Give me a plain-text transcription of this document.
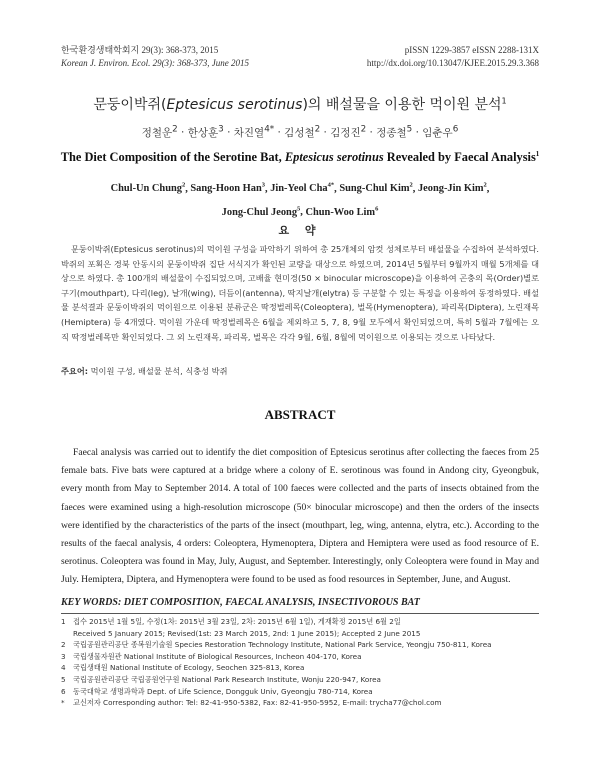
한국환경생태학회지 29(3): 368-373, 2015
Korean J. Environ. Ecol. 29(3): 368-373, June 2015
pISSN 1229-3857 eISSN 2288-131X
http://dx.doi.org/10.13047/KJEE.2015.29.3.368
문둥이박쥐(Eptesicus serotinus)의 배설물을 이용한 먹이원 분석$^1$
정철운$^2$ · 한상훈$^3$ · 차진열$^{4*}$ · 김성철$^2$ · 김정진$^2$ · 정종철$^5$ · 임춘우$^6$
The Diet Composition of the Serotine Bat, Eptesicus serotinus Revealed by Faecal Analysis$^1$
Chul-Un Chung$^2$, Sang-Hoon Han$^3$, Jin-Yeol Cha$^{4*}$, Sung-Chul Kim$^2$, Jeong-Jin Kim$^2$,
Jong-Chul Jeong$^5$, Chun-Woo Lim$^6$
요 약
문둥이박쥐(Eptesicus serotinus)의 먹이원 구성을 파악하기 위하여 총 25개체의 암컷 성체로부터 배설물을 수집하여 분석하였다. 박쥐의 포획은 경북 안동시의 문둥이박쥐 집단 서식지가 확인된 교량을 대상으로 하였으며, 2014년 5월부터 9월까지 매월 5개체를 대상으로 하였다. 총 100개의 배설물이 수집되었으며, 고배율 현미경(50 × binocular microscope)을 이용하여 곤충의 목(Order)별로 구기(mouthpart), 다리(leg), 날개(wing), 더듬이(antenna), 딱지날개(elytra) 등 구분할 수 있는 특징을 이용하여 동정하였다. 배설물 분석결과 문둥이박쥐의 먹이원으로 이용된 분류군은 딱정벌레목(Coleoptera), 벌목(Hymenoptera), 파리목(Diptera), 노린재목(Hemiptera) 등 4개였다. 먹이원 가운데 딱정벌레목은 6월을 제외하고 5, 7, 8, 9월 모두에서 확인되었으며, 특히 5월과 7월에는 오직 딱정벌레목만 확인되었다. 그 외 노린재목, 파리목, 벌목은 각각 9월, 6월, 8월에 먹이원으로 이용되는 것으로 나타났다.
주요어: 먹이원 구성, 배설물 분석, 식충성 박쥐
ABSTRACT
Faecal analysis was carried out to identify the diet composition of Eptesicus serotinus after collecting the faeces from 25 female bats. Five bats were captured at a bridge where a colony of E. serotinous was found in Andong city, Gyeongbuk, every month from May to September 2014. A total of 100 faeces were collected and the parts of insects obtained from the faeces were examined using a high-resolution microscope (50× binocular microscope) and then the orders of the insects were identified by the characteristics of the parts of the insect (mouthpart, leg, wing, antenna, elytra, etc.). According to the results of the faecal analysis, 4 orders: Coleoptera, Hymenoptera, Diptera and Hemiptera were used as food resource of E. serotinus. Coleoptera was found in May, July, August, and September. Interestingly, only Coleoptera were found in May and July. Hemiptera, Diptera, and Hymenoptera were found to be used as food resources in September, June, and August.
KEY WORDS: DIET COMPOSITION, FAECAL ANALYSIS, INSECTIVOROUS BAT
1	접수 2015년 1월 5일, 수정(1차: 2015년 3월 23일, 2차: 2015년 6월 1일), 게재확정 2015년 6월 2일
Received 5 January 2015; Revised(1st: 23 March 2015, 2nd: 1 June 2015); Accepted 2 June 2015
2	국립공원관리공단 종복원기술원 Species Restoration Technology Institute, National Park Service, Yeongju 750-811, Korea
3	국립생물자원관 National Institute of Biological Resources, Incheon 404-170, Korea
4	국립생태원 National Institute of Ecology, Seochen 325-813, Korea
5	국립공원관리공단 국립공원연구원 National Park Research Institute, Wonju 220-947, Korea
6	동국대학교 생명과학과 Dept. of Life Science, Dongguk Univ, Gyeongju 780-714, Korea
*	교신저자 Corresponding author: Tel: 82-41-950-5382, Fax: 82-41-950-5952, E-mail: trycha77@chol.com
